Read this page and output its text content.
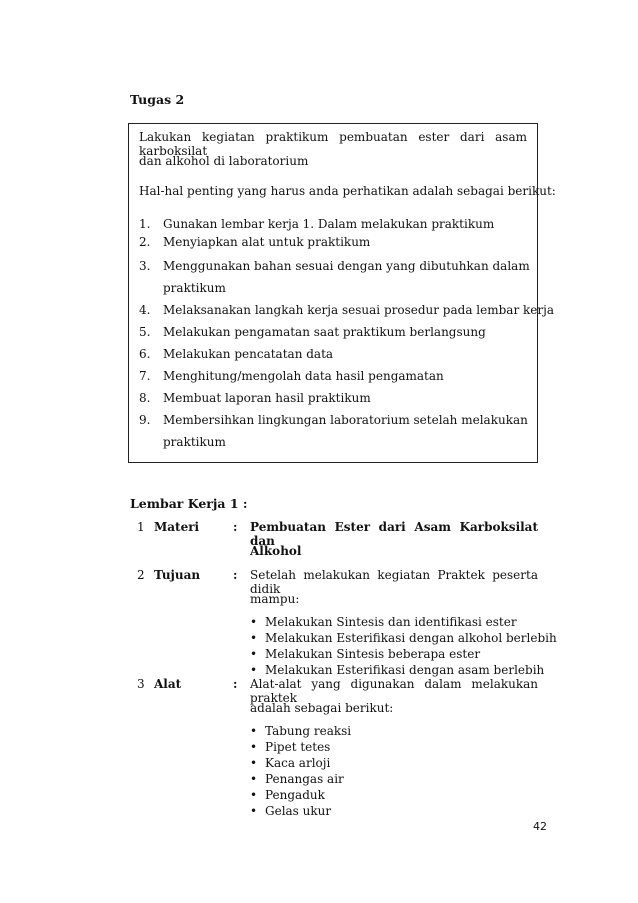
Tugas 2
Lakukan kegiatan praktikum pembuatan ester dari asam karboksilat
dan alkohol di laboratorium
Hal-hal penting yang harus anda perhatikan adalah sebagai berikut:
1. Gunakan lembar kerja 1. Dalam melakukan praktikum
2. Menyiapkan alat untuk praktikum
3. Menggunakan bahan sesuai dengan yang dibutuhkan dalam
praktikum
4. Melaksanakan langkah kerja sesuai prosedur pada lembar kerja
5. Melakukan pengamatan saat praktikum berlangsung
6. Melakukan pencatatan data
7. Menghitung/mengolah data hasil pengamatan
8. Membuat laporan hasil praktikum
9. Membersihkan lingkungan laboratorium setelah melakukan
praktikum
Lembar Kerja 1 :
1 Materi	: Pembuatan Ester dari Asam Karboksilat dan
Alkohol
2 Tujuan	: Setelah melakukan kegiatan Praktek peserta didik
mampu:
• Melakukan Sintesis dan identifikasi ester
• Melakukan Esterifikasi dengan alkohol berlebih
• Melakukan Sintesis beberapa ester
• Melakukan Esterifikasi dengan asam berlebih
3 Alat	: Alat-alat yang digunakan dalam melakukan praktek
adalah sebagai berikut:
• Tabung reaksi
• Pipet tetes
• Kaca arloji
• Penangas air
• Pengaduk
• Gelas ukur
42
